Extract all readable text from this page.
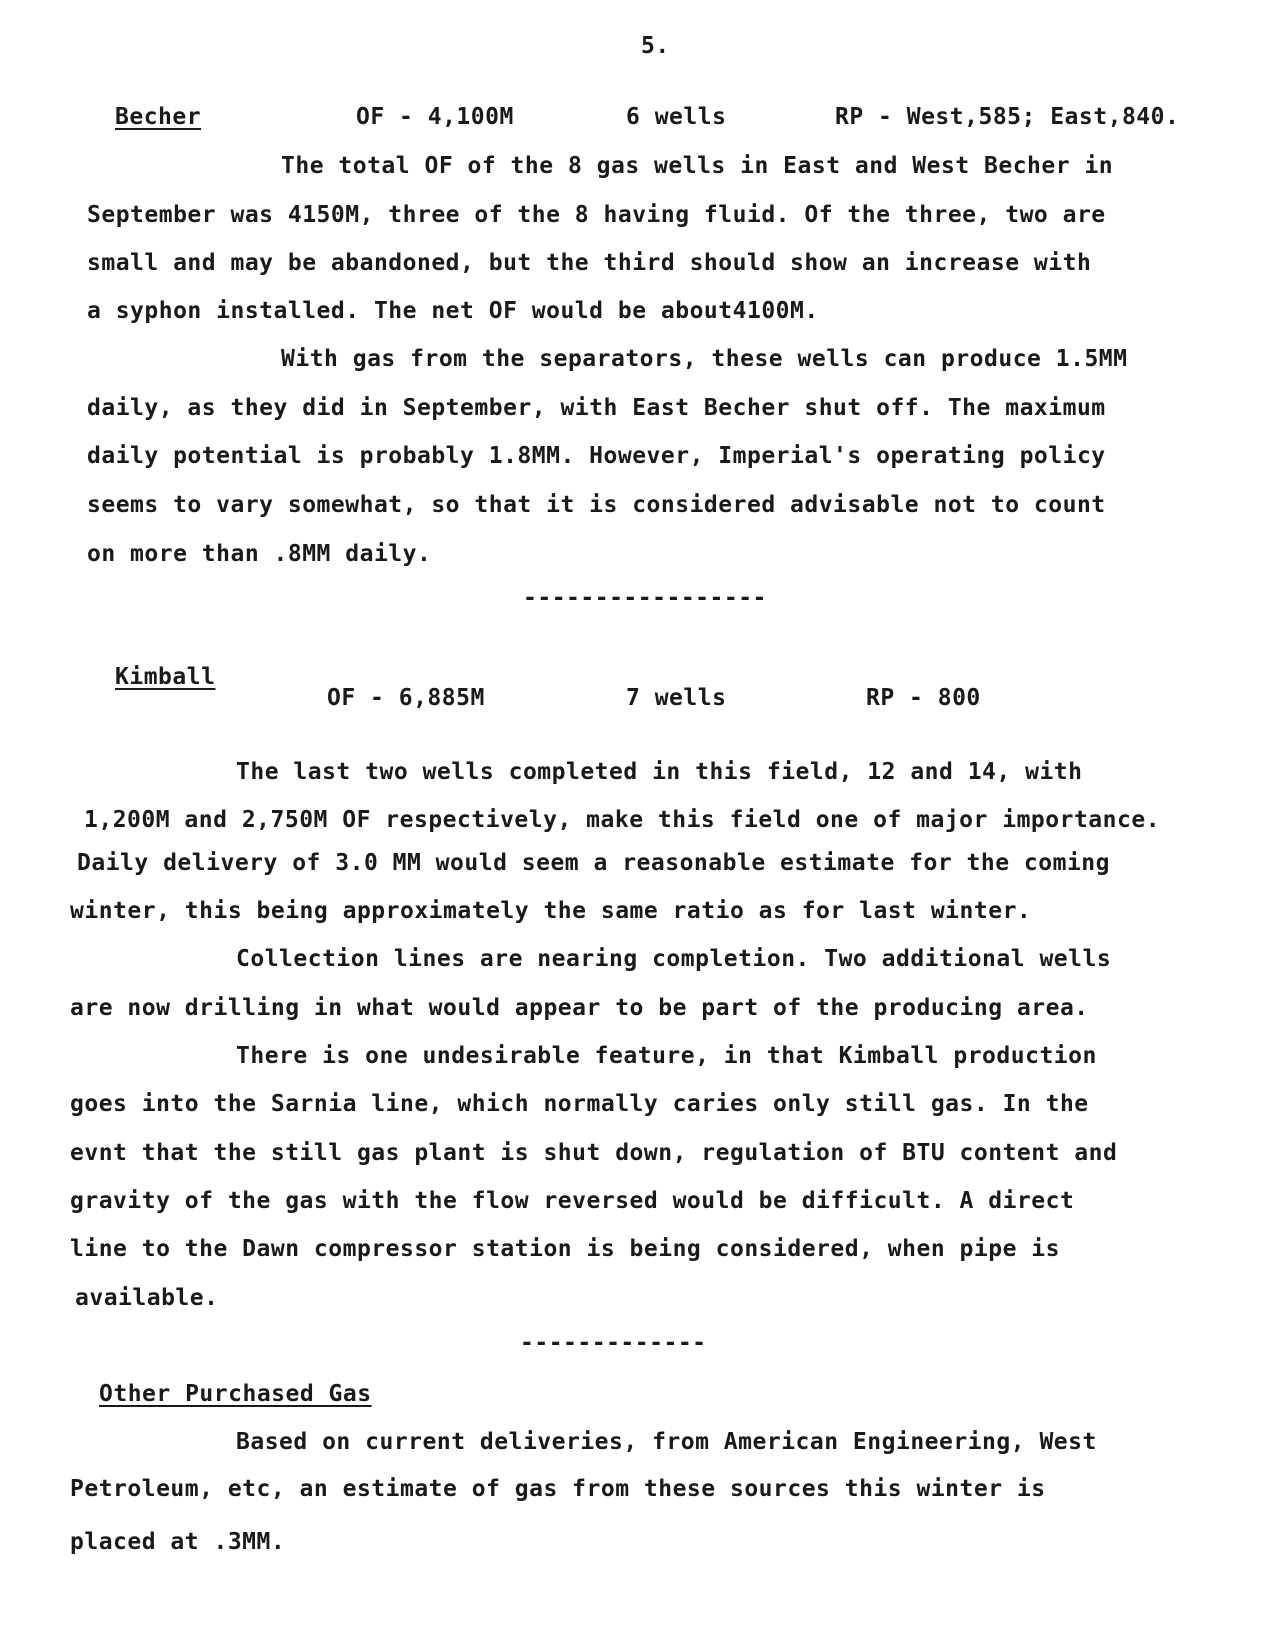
5.
Becher	OF - 4,100M	6 wells	RP - West,585; East,840.
The total OF of the 8 gas wells in East and West Becher in
September was 4150M, three of the 8 having fluid. Of the three, two are
small and may be abandoned, but the third should show an increase with
a syphon installed. The net OF would be about4100M.
With gas from the separators, these wells can produce 1.5MM
daily, as they did in September, with East Becher shut off. The maximum
daily potential is probably 1.8MM. However, Imperial's operating policy
seems to vary somewhat, so that it is considered advisable not to count
on more than .8MM daily.
-----------------
Kimball
OF - 6,885M	7 wells	RP - 800
The last two wells completed in this field, 12 and 14, with
1,200M and 2,750M OF respectively, make this field one of major importance.
Daily delivery of 3.0 MM would seem a reasonable estimate for the coming
winter, this being approximately the same ratio as for last winter.
Collection lines are nearing completion. Two additional wells
are now drilling in what would appear to be part of the producing area.
There is one undesirable feature, in that Kimball production
goes into the Sarnia line, which normally caries only still gas. In the
evnt that the still gas plant is shut down, regulation of BTU content and
gravity of the gas with the flow reversed would be difficult. A direct
line to the Dawn compressor station is being considered, when pipe is
available.
-------------
Other Purchased Gas
Based on current deliveries, from American Engineering, West
Petroleum, etc, an estimate of gas from these sources this winter is
placed at .3MM.
